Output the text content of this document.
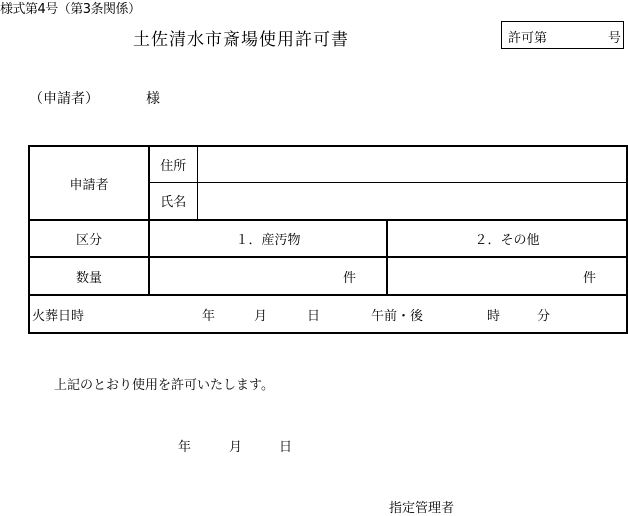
様式第4号（第3条関係）
土佐清水市斎場使用許可書	許可第	号
（申請者）	様
申請者	住所		
	氏名		
区分	１．産汚物		２．その他
数量	件		件
火葬日時 年 月 日 午前・後 時 分			
上記のとおり使用を許可いたします。
年	月	日
指定管理者
